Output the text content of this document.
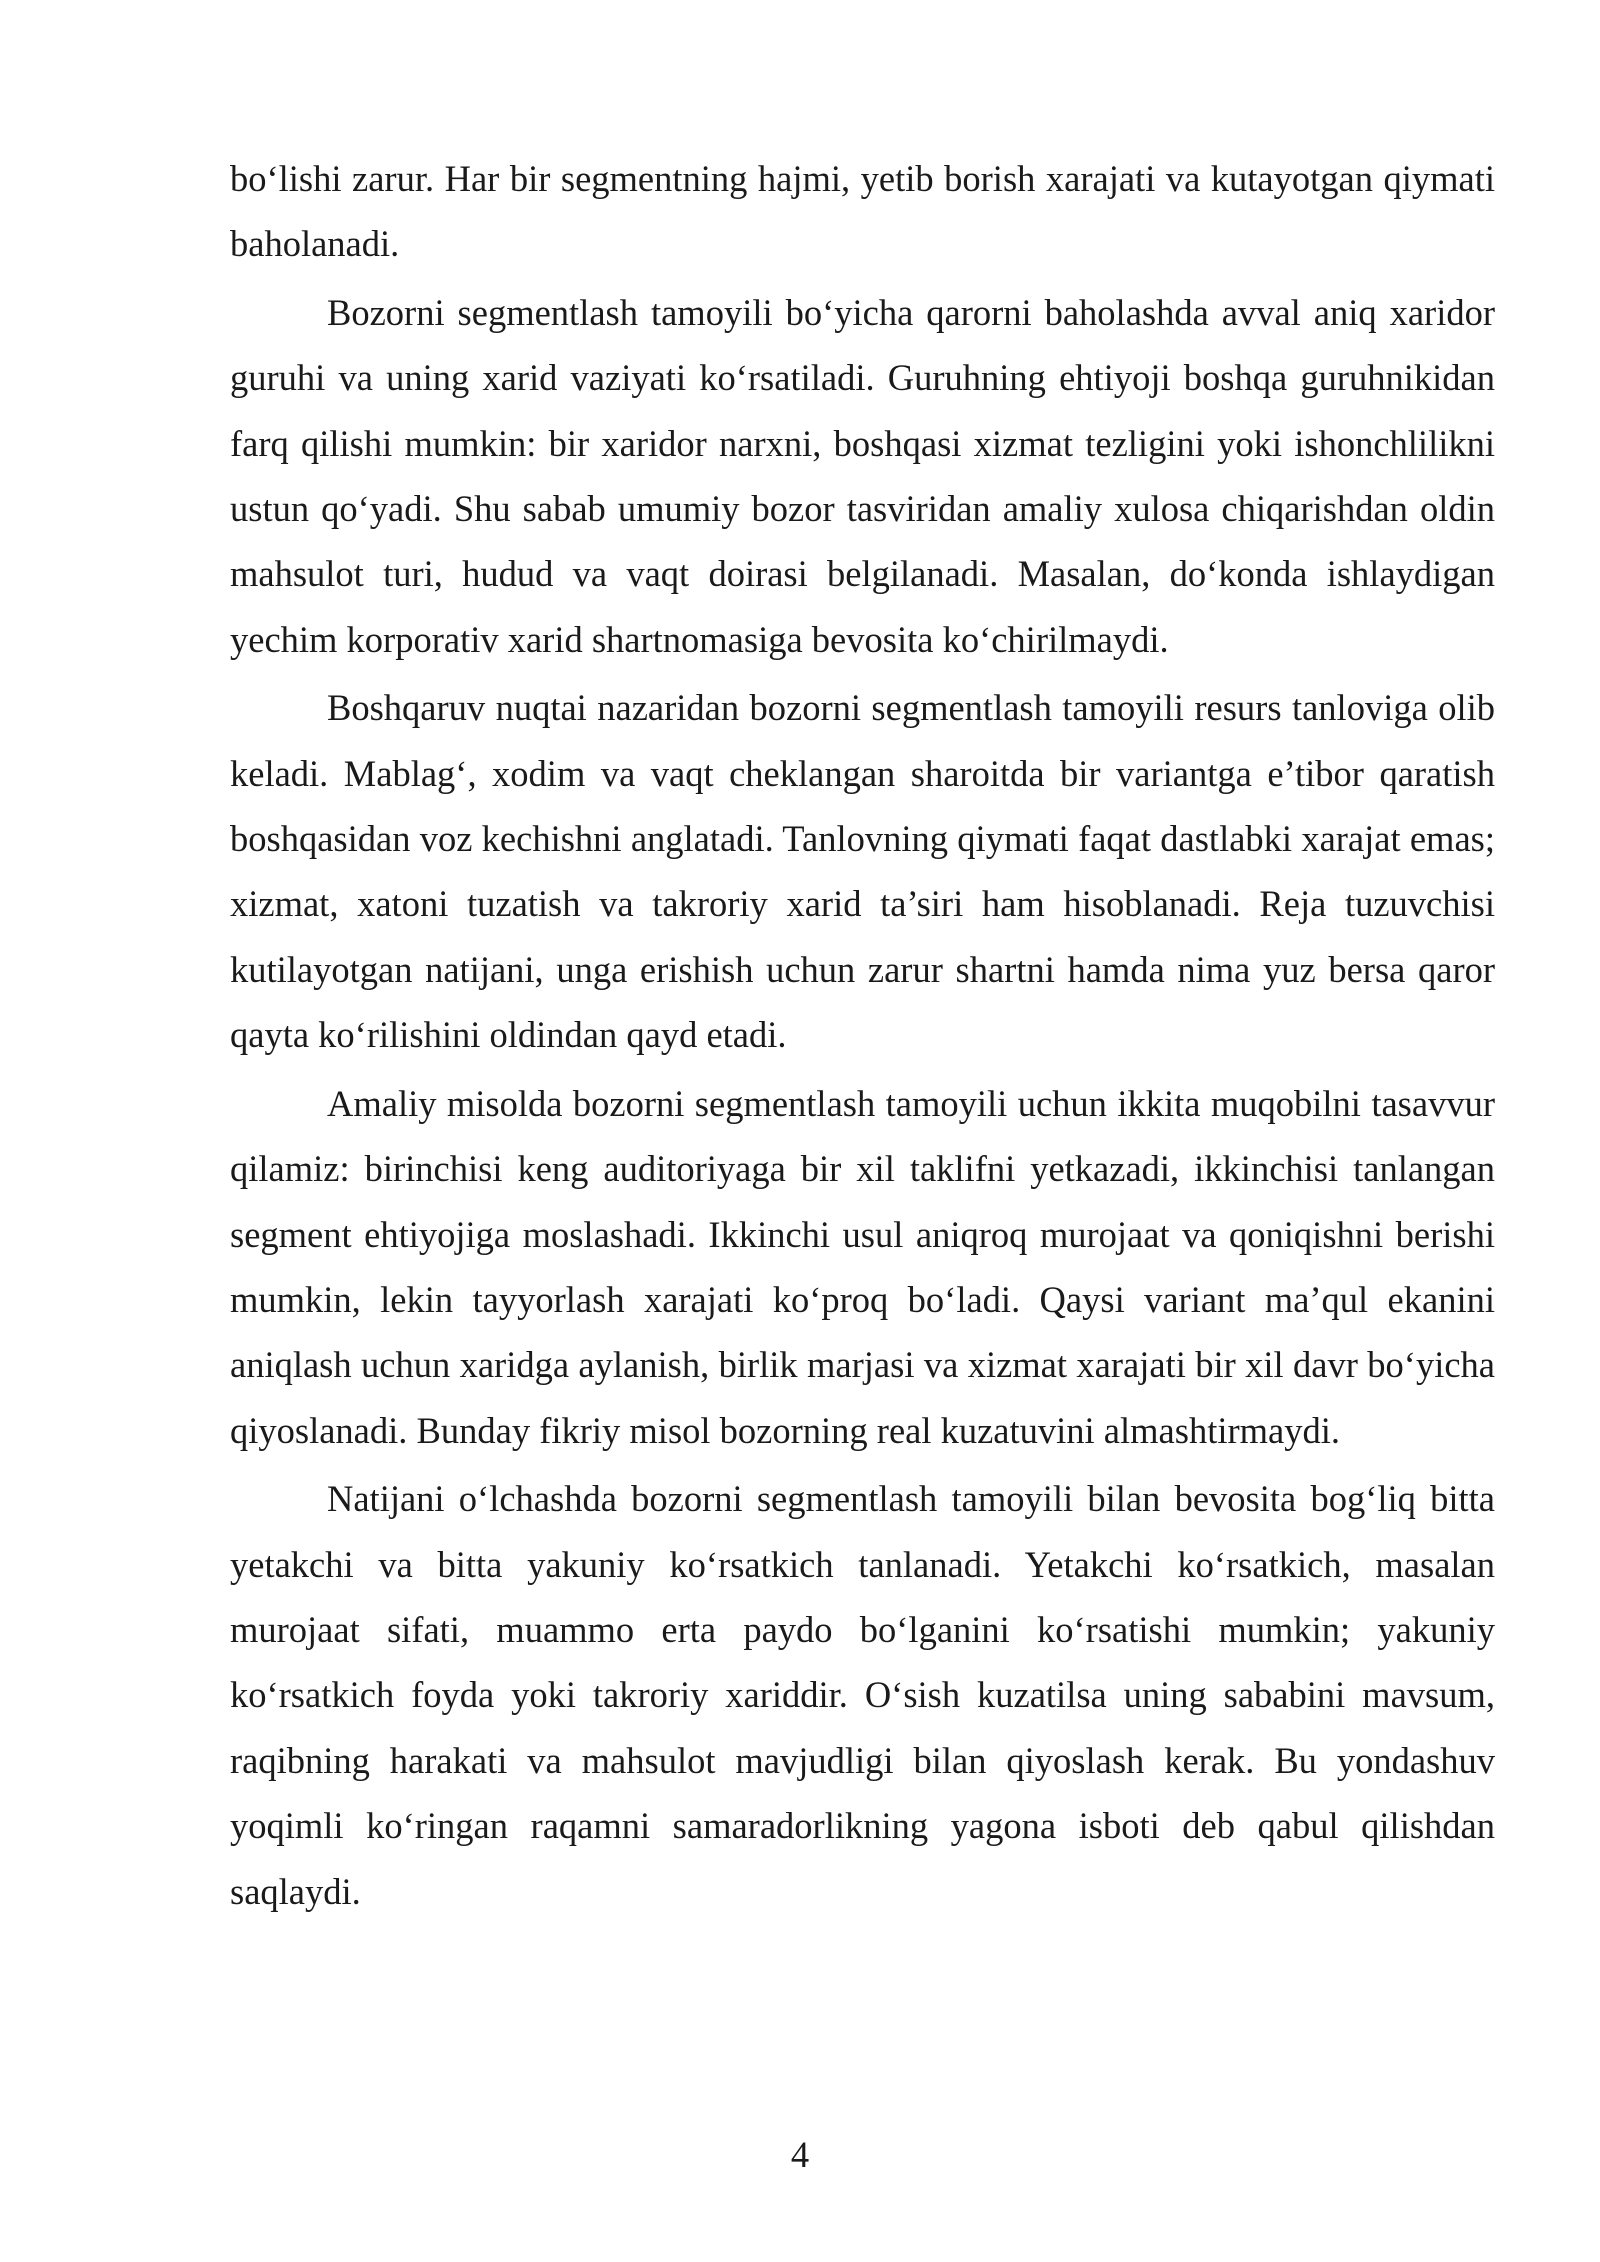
bo‘lishi zarur. Har bir segmentning hajmi, yetib borish xarajati va kutayotgan qiymati baholanadi.

Bozorni segmentlash tamoyili bo‘yicha qarorni baholashda avval aniq xaridor guruhi va uning xarid vaziyati ko‘rsatiladi. Guruhning ehtiyoji boshqa guruhnikidan farq qilishi mumkin: bir xaridor narxni, boshqasi xizmat tezligini yoki ishonchlilikni ustun qo‘yadi. Shu sabab umumiy bozor tasviridan amaliy xulosa chiqarishdan oldin mahsulot turi, hudud va vaqt doirasi belgilanadi. Masalan, do‘konda ishlaydigan yechim korporativ xarid shartnomasiga bevosita ko‘chirilmaydi.

Boshqaruv nuqtai nazaridan bozorni segmentlash tamoyili resurs tanloviga olib keladi. Mablag‘, xodim va vaqt cheklangan sharoitda bir variantga e’tibor qaratish boshqasidan voz kechishni anglatadi. Tanlovning qiymati faqat dastlabki xarajat emas; xizmat, xatoni tuzatish va takroriy xarid ta’siri ham hisoblanadi. Reja tuzuvchisi kutilayotgan natijani, unga erishish uchun zarur shartni hamda nima yuz bersa qaror qayta ko‘rilishini oldindan qayd etadi.

Amaliy misolda bozorni segmentlash tamoyili uchun ikkita muqobilni tasavvur qilamiz: birinchisi keng auditoriyaga bir xil taklifni yetkazadi, ikkinchisi tanlangan segment ehtiyojiga moslashadi. Ikkinchi usul aniqroq murojaat va qoniqishni berishi mumkin, lekin tayyorlash xarajati ko‘proq bo‘ladi. Qaysi variant ma’qul ekanini aniqlash uchun xaridga aylanish, birlik marjasi va xizmat xarajati bir xil davr bo‘yicha qiyoslanadi. Bunday fikriy misol bozorning real kuzatuvini almashtirmaydi.

Natijani o‘lchashda bozorni segmentlash tamoyili bilan bevosita bog‘liq bitta yetakchi va bitta yakuniy ko‘rsatkich tanlanadi. Yetakchi ko‘rsatkich, masalan murojaat sifati, muammo erta paydo bo‘lganini ko‘rsatishi mumkin; yakuniy ko‘rsatkich foyda yoki takroriy xariddir. O‘sish kuzatilsa uning sababini mavsum, raqibning harakati va mahsulot mavjudligi bilan qiyoslash kerak. Bu yondashuv yoqimli ko‘ringan raqamni samaradorlikning yagona isboti deb qabul qilishdan saqlaydi.

4
